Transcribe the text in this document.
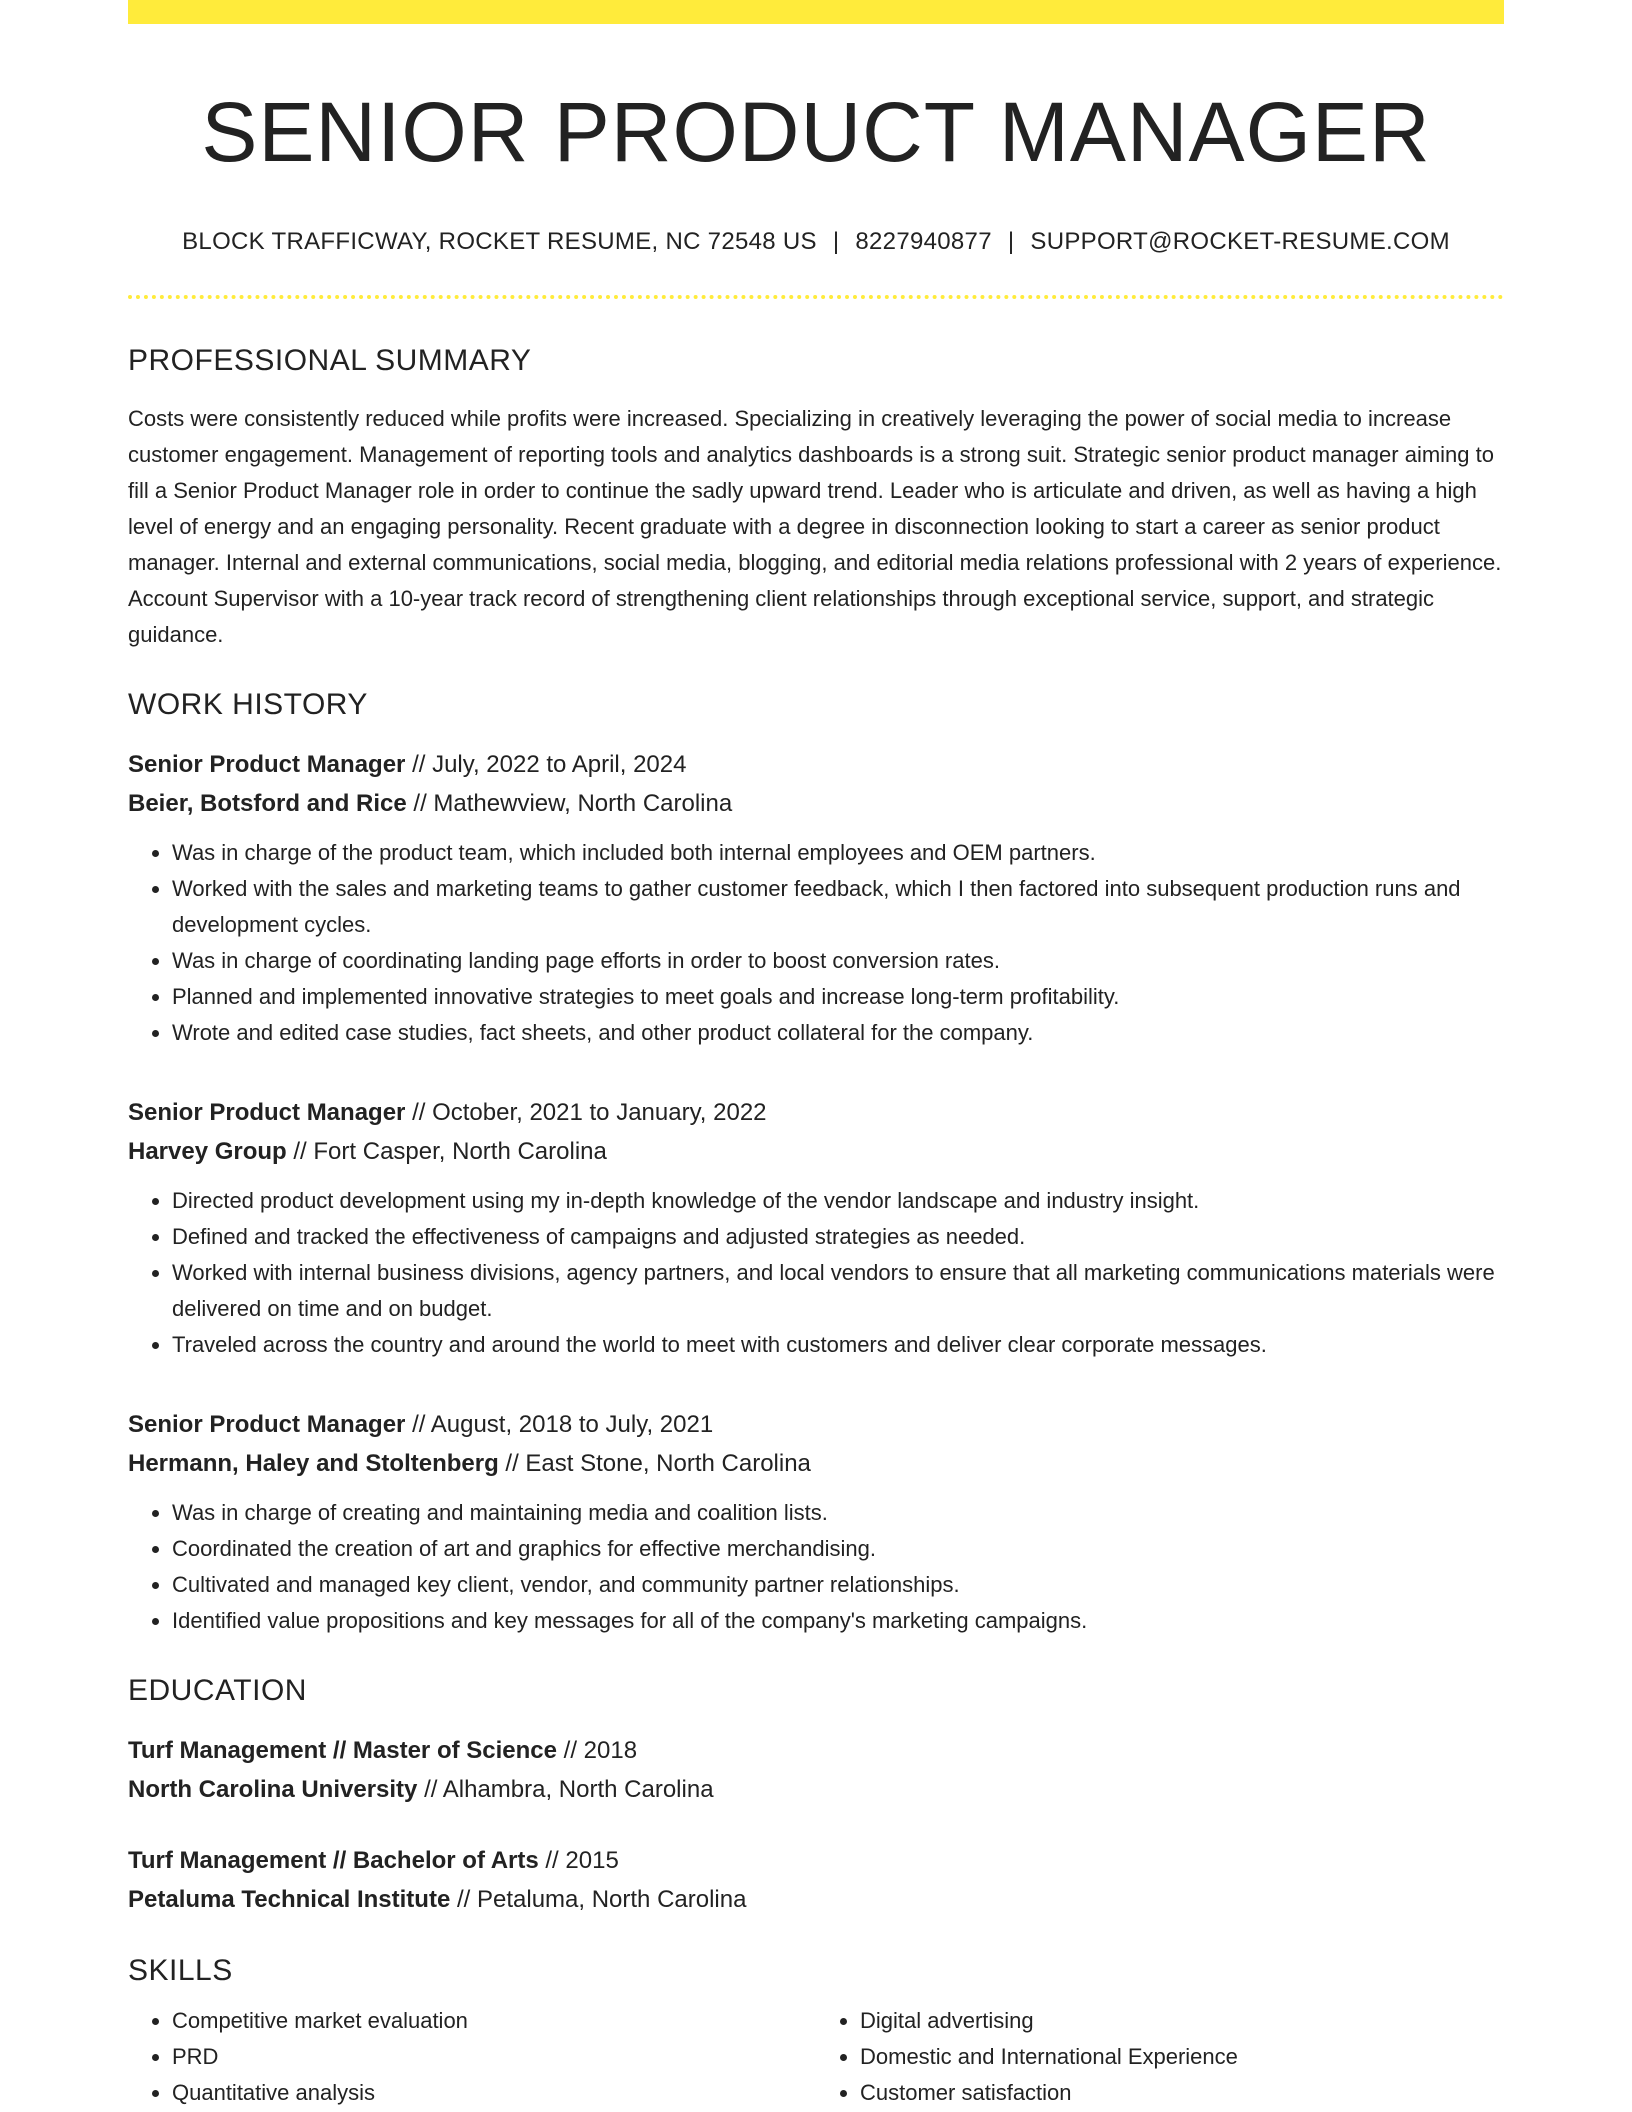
SENIOR PRODUCT MANAGER
BLOCK TRAFFICWAY, ROCKET RESUME, NC 72548 US | 8227940877 | SUPPORT@ROCKET-RESUME.COM
PROFESSIONAL SUMMARY

Costs were consistently reduced while profits were increased. Specializing in creatively leveraging the power of social media to increase customer engagement. Management of reporting tools and analytics dashboards is a strong suit. Strategic senior product manager aiming to fill a Senior Product Manager role in order to continue the sadly upward trend. Leader who is articulate and driven, as well as having a high level of energy and an engaging personality. Recent graduate with a degree in disconnection looking to start a career as senior product manager. Internal and external communications, social media, blogging, and editorial media relations professional with 2 years of experience. Account Supervisor with a 10-year track record of strengthening client relationships through exceptional service, support, and strategic guidance.

WORK HISTORY
Senior Product Manager // July, 2022 to April, 2024
Beier, Botsford and Rice // Mathewview, North Carolina
• Was in charge of the product team, which included both internal employees and OEM partners.
• Worked with the sales and marketing teams to gather customer feedback, which I then factored into subsequent production runs and development cycles.
• Was in charge of coordinating landing page efforts in order to boost conversion rates.
• Planned and implemented innovative strategies to meet goals and increase long-term profitability.
• Wrote and edited case studies, fact sheets, and other product collateral for the company.
Senior Product Manager // October, 2021 to January, 2022
Harvey Group // Fort Casper, North Carolina
• Directed product development using my in-depth knowledge of the vendor landscape and industry insight.
• Defined and tracked the effectiveness of campaigns and adjusted strategies as needed.
• Worked with internal business divisions, agency partners, and local vendors to ensure that all marketing communications materials were delivered on time and on budget.
• Traveled across the country and around the world to meet with customers and deliver clear corporate messages.
Senior Product Manager // August, 2018 to July, 2021
Hermann, Haley and Stoltenberg // East Stone, North Carolina
• Was in charge of creating and maintaining media and coalition lists.
• Coordinated the creation of art and graphics for effective merchandising.
• Cultivated and managed key client, vendor, and community partner relationships.
• Identified value propositions and key messages for all of the company's marketing campaigns.
EDUCATION
Turf Management // Master of Science // 2018
North Carolina University // Alhambra, North Carolina
Turf Management // Bachelor of Arts // 2015
Petaluma Technical Institute // Petaluma, North Carolina
SKILLS
• Competitive market evaluation
• PRD
• Quantitative analysis
• Digital advertising
• Domestic and International Experience
• Customer satisfaction
